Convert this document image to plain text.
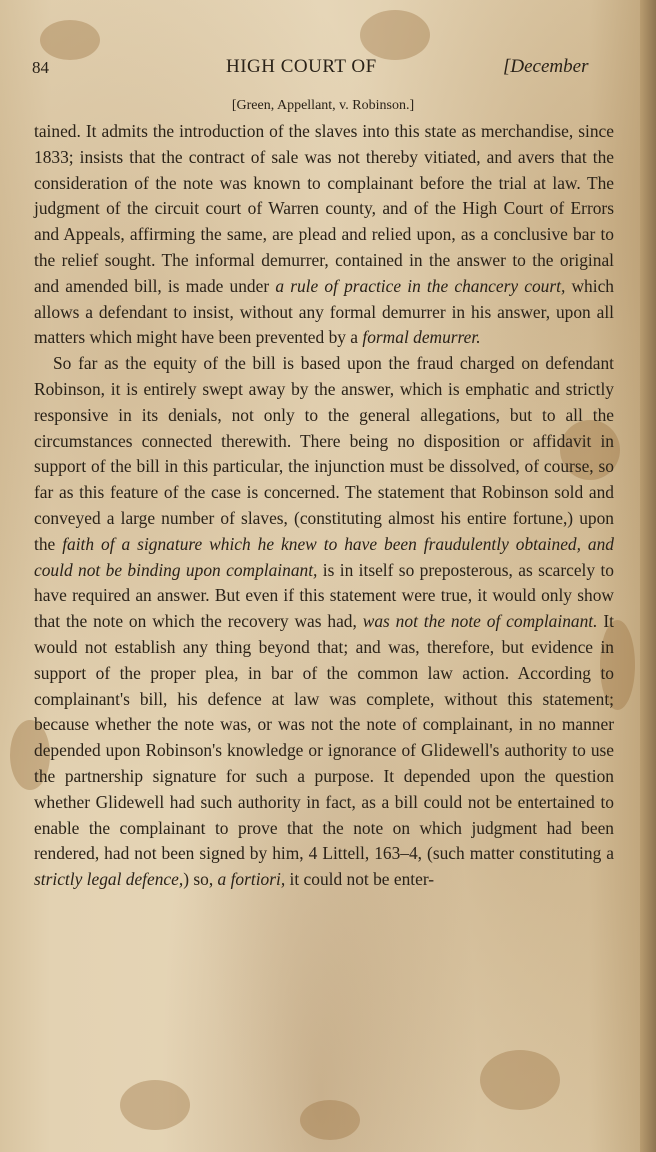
84	HIGH COURT OF	[December
[Green, Appellant, v. Robinson.]

tained. It admits the introduction of the slaves into this state as merchandise, since 1833; insists that the contract of sale was not thereby vitiated, and avers that the consideration of the note was known to complainant before the trial at law. The judgment of the circuit court of Warren county, and of the High Court of Errors and Appeals, affirming the same, are plead and relied upon, as a conclusive bar to the relief sought. The informal demurrer, contained in the answer to the original and amended bill, is made under a rule of practice in the chancery court, which allows a defendant to insist, without any formal demurrer in his answer, upon all matters which might have been prevented by a formal demurrer.

So far as the equity of the bill is based upon the fraud charged on defendant Robinson, it is entirely swept away by the answer, which is emphatic and strictly responsive in its denials, not only to the general allegations, but to all the circumstances connected therewith. There being no disposition or affidavit in support of the bill in this particular, the injunction must be dissolved, of course, so far as this feature of the case is concerned. The statement that Robinson sold and conveyed a large number of slaves, (constituting almost his entire fortune,) upon the faith of a signature which he knew to have been fraudulently obtained, and could not be binding upon complainant, is in itself so preposterous, as scarcely to have required an answer. But even if this statement were true, it would only show that the note on which the recovery was had, was not the note of complainant. It would not establish any thing beyond that; and was, therefore, but evidence in support of the proper plea, in bar of the common law action. According to complainant's bill, his defence at law was complete, without this statement; because whether the note was, or was not the note of complainant, in no manner depended upon Robinson's knowledge or ignorance of Glidewell's authority to use the partnership signature for such a purpose. It depended upon the question whether Glidewell had such authority in fact, as a bill could not be entertained to enable the complainant to prove that the note on which judgment had been rendered, had not been signed by him, 4 Littell, 163–4, (such matter constituting a strictly legal defence,) so, a fortiori, it could not be enter-
